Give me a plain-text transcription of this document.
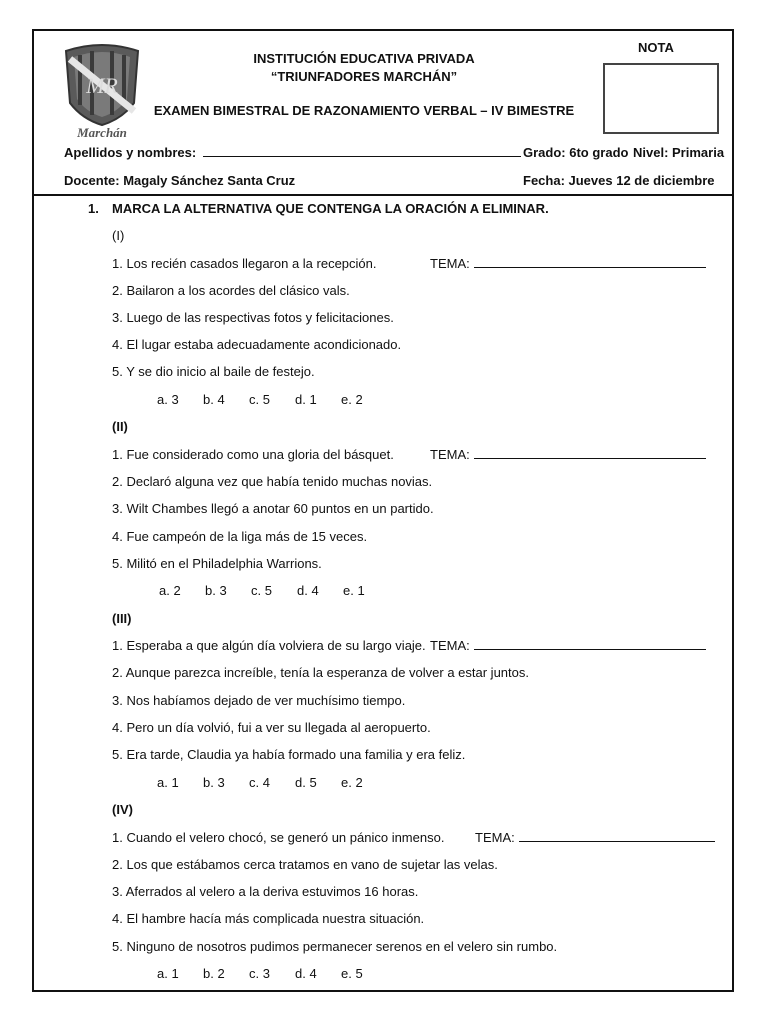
MR
Marchán
INSTITUCIÓN EDUCATIVA PRIVADA
“TRIUNFADORES MARCHÁN”
EXAMEN BIMESTRAL DE RAZONAMIENTO VERBAL – IV BIMESTRE
NOTA
Apellidos y nombres:	Grado: 6to grado Nivel: Primaria
Docente: Magaly Sánchez Santa Cruz	Fecha: Jueves 12 de diciembre
1. MARCA LA ALTERNATIVA QUE CONTENGA LA ORACIÓN A ELIMINAR.
(I)
1. Los recién casados llegaron a la recepción.	TEMA:
2. Bailaron a los acordes del clásico vals.
3. Luego de las respectivas fotos y felicitaciones.
4. El lugar estaba adecuadamente acondicionado.
5. Y se dio inicio al baile de festejo.
a. 3 b. 4 c. 5 d. 1 e. 2
(II)
1. Fue considerado como una gloria del básquet.	TEMA:
2. Declaró alguna vez que había tenido muchas novias.
3. Wilt Chambes llegó a anotar 60 puntos en un partido.
4. Fue campeón de la liga más de 15 veces.
5. Militó en el Philadelphia Warrions.
a. 2 b. 3 c. 5 d. 4 e. 1
(III)
1. Esperaba a que algún día volviera de su largo viaje. TEMA:
2. Aunque parezca increíble, tenía la esperanza de volver a estar juntos.
3. Nos habíamos dejado de ver muchísimo tiempo.
4. Pero un día volvió, fui a ver su llegada al aeropuerto.
5. Era tarde, Claudia ya había formado una familia y era feliz.
a. 1 b. 3 c. 4 d. 5 e. 2
(IV)
1. Cuando el velero chocó, se generó un pánico inmenso. TEMA:
2. Los que estábamos cerca tratamos en vano de sujetar las velas.
3. Aferrados al velero a la deriva estuvimos 16 horas.
4. El hambre hacía más complicada nuestra situación.
5. Ninguno de nosotros pudimos permanecer serenos en el velero sin rumbo.
a. 1 b. 2 c. 3 d. 4 e. 5
